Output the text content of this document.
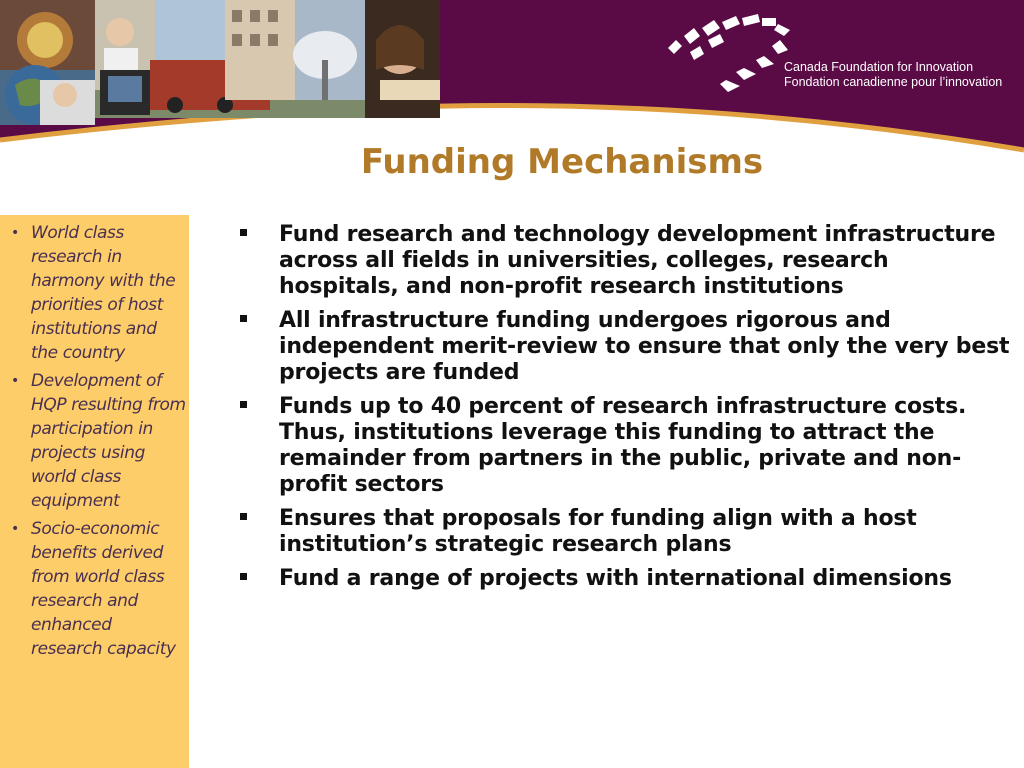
Canada Foundation for Innovation
Fondation canadienne pour l’innovation
Funding Mechanisms
• World class research in harmony with the priorities of host institutions and the country
• Development of HQP resulting from participation in projects using world class equipment
• Socio-economic benefits derived from world class research and enhanced research capacity
Fund research and technology development infrastructure across all fields in universities, colleges, research hospitals, and non-profit research institutions
All infrastructure funding undergoes rigorous and independent merit-review to ensure that only the very best projects are funded
Funds up to 40 percent of research infrastructure costs. Thus, institutions leverage this funding to attract the remainder from partners in the public, private and non-profit sectors
Ensures that proposals for funding align with a host institution’s strategic research plans
Fund a range of projects with international dimensions
